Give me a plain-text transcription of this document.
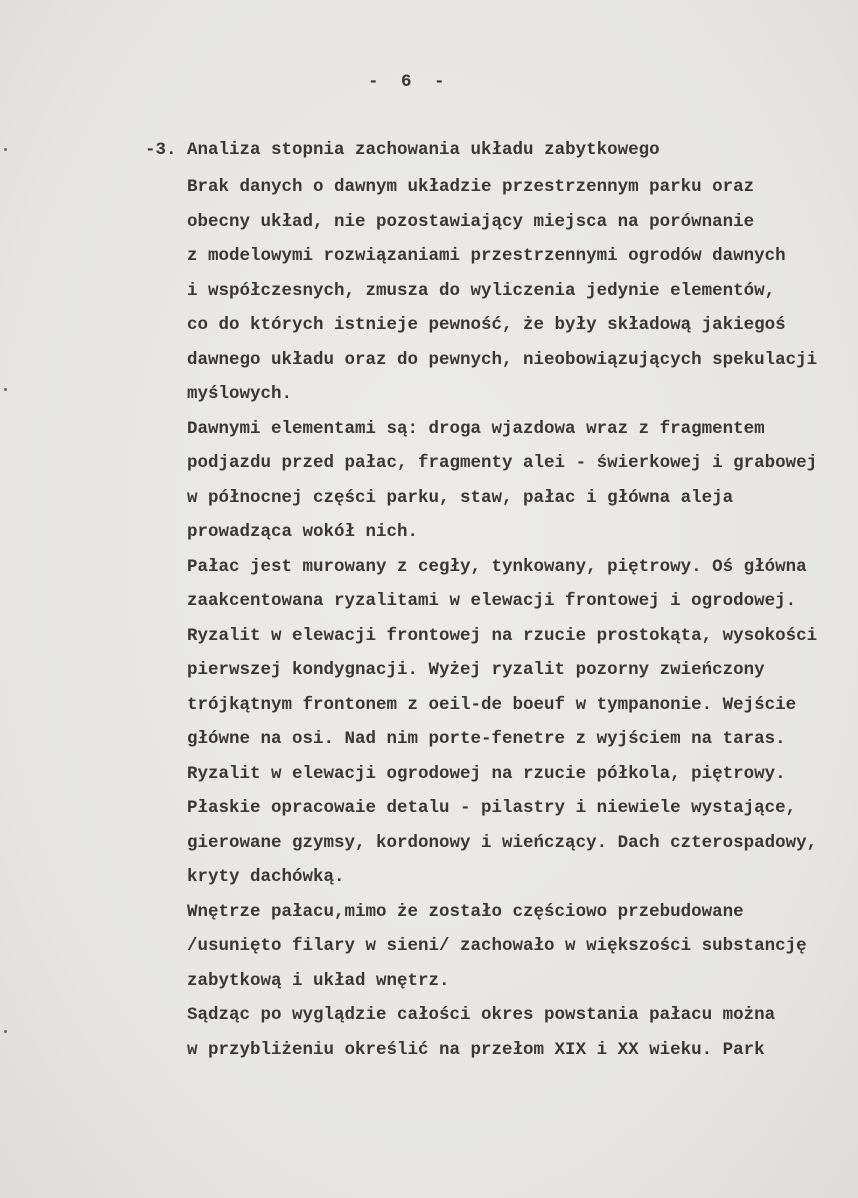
- 6 -
-3. Analiza stopnia zachowania układu zabytkowego
Brak danych o dawnym układzie przestrzennym parku oraz
obecny układ, nie pozostawiający miejsca na porównanie
z modelowymi rozwiązaniami przestrzennymi ogrodów dawnych
i współczesnych, zmusza do wyliczenia jedynie elementów,
co do których istnieje pewność, że były składową jakiegoś
dawnego układu oraz do pewnych, nieobowiązujących spekulacji
myślowych.
Dawnymi elementami są: droga wjazdowa wraz z fragmentem
podjazdu przed pałac, fragmenty alei - świerkowej i grabowej
w północnej części parku, staw, pałac i główna aleja
prowadząca wokół nich.
Pałac jest murowany z cegły, tynkowany, piętrowy. Oś główna
zaakcentowana ryzalitami w elewacji frontowej i ogrodowej.
Ryzalit w elewacji frontowej na rzucie prostokąta, wysokości
pierwszej kondygnacji. Wyżej ryzalit pozorny zwieńczony
trójkątnym frontonem z oeil-de boeuf w tympanonie. Wejście
główne na osi. Nad nim porte-fenetre z wyjściem na taras.
Ryzalit w elewacji ogrodowej na rzucie półkola, piętrowy.
Płaskie opracowaie detalu - pilastry i niewiele wystające,
gierowane gzymsy, kordonowy i wieńczący. Dach czterospadowy,
kryty dachówką.
Wnętrze pałacu,mimo że zostało częściowo przebudowane
/usunięto filary w sieni/ zachowało w większości substancję
zabytkową i układ wnętrz.
Sądząc po wyglądzie całości okres powstania pałacu można
w przybliżeniu określić na przełom XIX i XX wieku. Park
